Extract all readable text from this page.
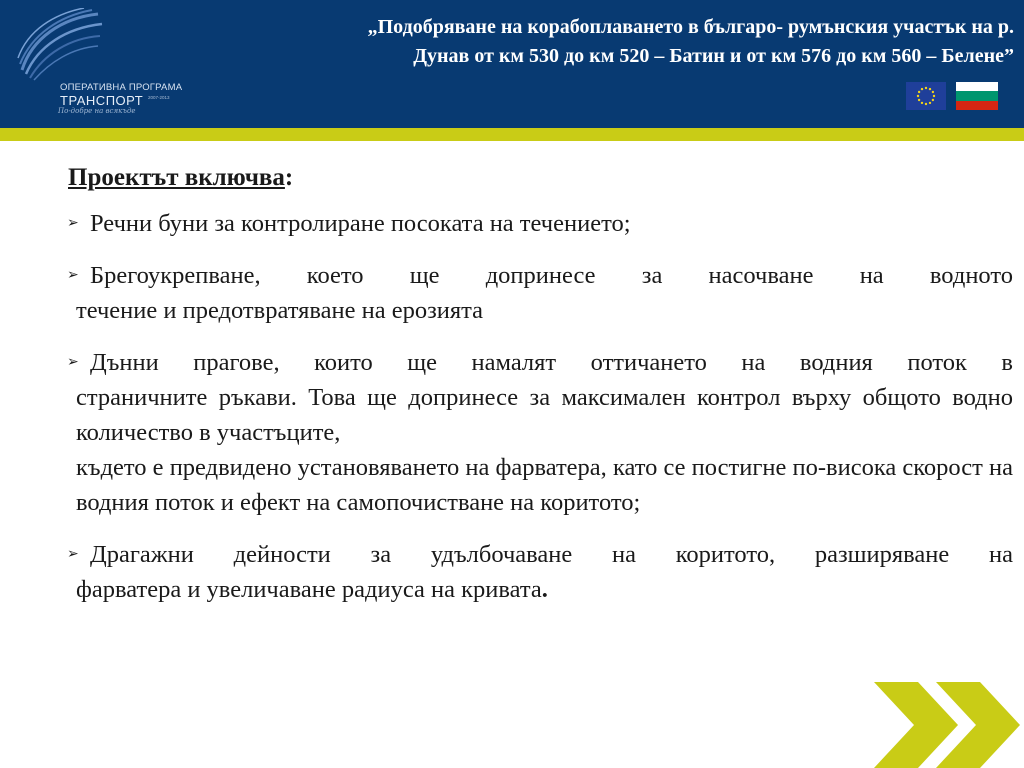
ОПЕРАТИВНА ПРОГРАМА
ТРАНСПОРТ 2007-2013
По-добре на всякъде
„Подобряване на корабоплаването в българо- румънския участък на р.
Дунав от км 530 до км 520 – Батин и от км 576 до км 560 – Белене”
Проектът включва:
➢ Речни буни за контролиране посоката на течението;
➢ Брегоукрепване, което ще допринесе за насочване на водното
течение и предотвратяване на ерозията
➢ Дънни прагове, които ще намалят оттичането на водния поток в
страничните ръкави. Това ще допринесе за максимален контрол върху общото водно количество в участъците,
където е предвидено установяването на фарватера, като се постигне по-висока скорост на водния поток и ефект на самопочистване на коритото;
➢ Драгажни дейности за удълбочаване на коритото, разширяване на
фарватера и увеличаване радиуса на кривата.
